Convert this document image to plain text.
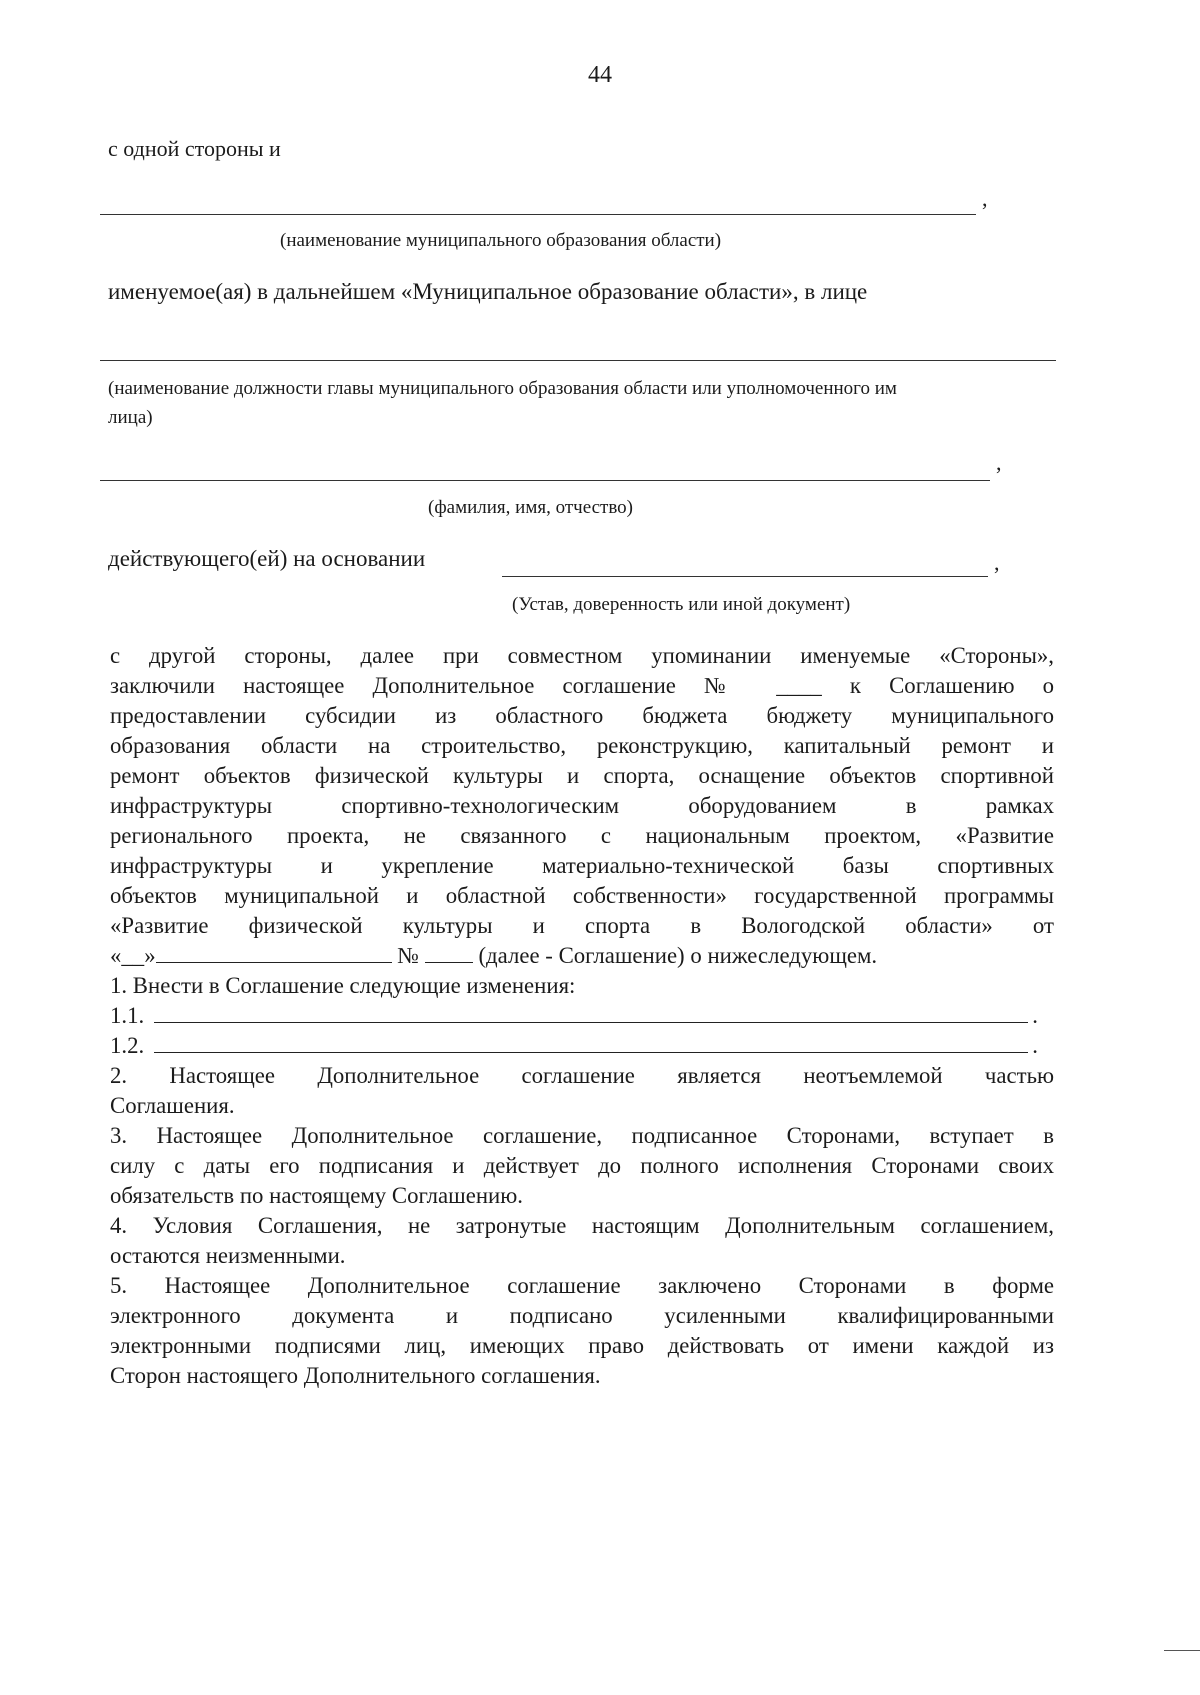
44
с одной стороны и
,
(наименование муниципального образования области)
именуемое(ая) в дальнейшем «Муниципальное образование области», в лице
(наименование должности главы муниципального образования области или уполномоченного им
лица)
,
(фамилия, имя, отчество)
действующего(ей) на основании	,
(Устав, доверенность или иной документ)
с другой стороны, далее при совместном упоминании именуемые «Стороны»,
заключили настоящее Дополнительное соглашение № ____ к Соглашению о
предоставлении субсидии из областного бюджета бюджету муниципального
образования области на строительство, реконструкцию, капитальный ремонт и
ремонт объектов физической культуры и спорта, оснащение объектов спортивной
инфраструктуры спортивно-технологическим оборудованием в рамках
регионального проекта, не связанного с национальным проектом, «Развитие
инфраструктуры и укрепление материально-технической базы спортивных
объектов муниципальной и областной собственности» государственной программы
«Развитие физической культуры и спорта в Вологодской области» от
«__»	№	(далее - Соглашение) о нижеследующем.
1. Внести в Соглашение следующие изменения:
1.1.	.
1.2.	.
2. Настоящее Дополнительное соглашение является неотъемлемой частью
Соглашения.
3. Настоящее Дополнительное соглашение, подписанное Сторонами, вступает в
силу с даты его подписания и действует до полного исполнения Сторонами своих
обязательств по настоящему Соглашению.
4. Условия Соглашения, не затронутые настоящим Дополнительным соглашением,
остаются неизменными.
5. Настоящее Дополнительное соглашение заключено Сторонами в форме
электронного документа и подписано усиленными квалифицированными
электронными подписями лиц, имеющих право действовать от имени каждой из
Сторон настоящего Дополнительного соглашения.
